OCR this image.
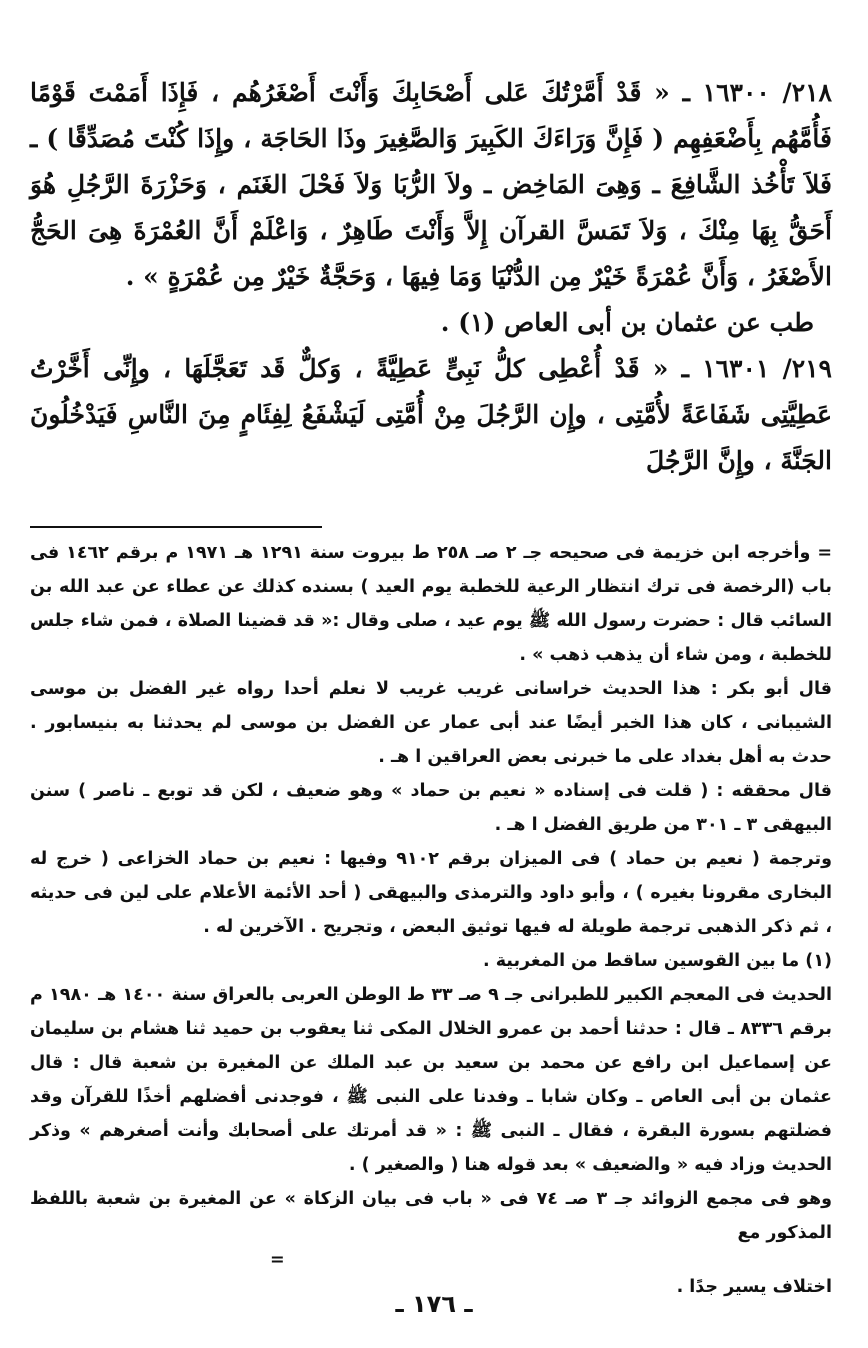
٢١٨/ ١٦٣٠٠ ـ « قَدْ أَمَّرْتُكَ عَلى أَصْحَابِكَ وَأَنْتَ أَصْغَرُهُم ، فَإِذَا أَمَمْتَ قَوْمًا فَأُمَّهُم بِأَضْعَفِهِم ( فَإِنَّ وَرَاءَكَ الكَبِيرَ وَالصَّغِيرَ وذَا الحَاجَة ، وإِذَا كُنْتَ مُصَدِّقًا ) ـ فَلاَ تَأْخُذ الشَّافِعَ ـ وَهِىَ المَاخِض ـ ولاَ الرُّبَا وَلاَ فَحْلَ الغَنَم ، وَحَزْرَةَ الرَّجُلِ هُوَ أَحَقُّ بِهَا مِنْكَ ، وَلاَ تَمَسَّ القرآن إِلاَّ وَأَنْتَ طَاهِرٌ ، وَاعْلَمْ أَنَّ العُمْرَةَ هِىَ الحَجُّ الأَصْغَرُ ، وَأَنَّ عُمْرَةً خَيْرٌ مِن الدُّنْيَا وَمَا فِيهَا ، وَحَجَّةٌ خَيْرٌ مِن عُمْرَةٍ » .

طب عن عثمان بن أبى العاص (١) .

٢١٩/ ١٦٣٠١ ـ « قَدْ أُعْطِى كلُّ نَبِىٍّ عَطِيَّةً ، وَكلٌّ قَد تَعَجَّلَهَا ، وإِنِّى أَخَّرْتُ عَطِيَّتِى شَفَاعَةً لأُمَّتِى ، وإِن الرَّجُلَ مِنْ أُمَّتِى لَيَشْفَعُ لِفِئَامٍ مِنَ النَّاسِ فَيَدْخُلُونَ الجَنَّةَ ، وإِنَّ الرَّجُلَ

= وأخرجه ابن خزيمة فى صحيحه جـ ٢ صـ ٢٥٨ ط بيروت سنة ١٢٩١ هـ ١٩٧١ م برقم ١٤٦٢ فى باب (الرخصة فى ترك انتظار الرعية للخطبة يوم العيد ) بسنده كذلك عن عطاء عن عبد الله بن السائب قال : حضرت رسول الله ﷺ يوم عيد ، صلى وقال :« قد قضينا الصلاة ، فمن شاء جلس للخطبة ، ومن شاء أن يذهب ذهب » .

قال أبو بكر : هذا الحديث خراسانى غريب غريب لا نعلم أحدا رواه غير الفضل بن موسى الشيبانى ، كان هذا الخبر أيضًا عند أبى عمار عن الفضل بن موسى لم يحدثنا به بنيسابور . حدث به أهل بغداد على ما خبرنى بعض العراقين ا هـ .

قال محققه : ( قلت فى إسناده « نعيم بن حماد » وهو ضعيف ، لكن قد توبع ـ ناصر ) سنن البيهقى ٣ ـ ٣٠١ من طريق الفضل ا هـ .

وترجمة ( نعيم بن حماد ) فى الميزان برقم ٩١٠٢ وفيها : نعيم بن حماد الخزاعى ( خرج له البخارى مقرونا بغيره ) ، وأبو داود والترمذى والبيهقى ( أحد الأئمة الأعلام على لين فى حديثه ، ثم ذكر الذهبى ترجمة طويلة له فيها توثيق البعض ، وتجريح . الآخرين له .

(١) ما بين القوسين ساقط من المغربية .

الحديث فى المعجم الكبير للطبرانى جـ ٩ صـ ٣٣ ط الوطن العربى بالعراق سنة ١٤٠٠ هـ ١٩٨٠ م برقم ٨٣٣٦ ـ قال : حدثنا أحمد بن عمرو الخلال المكى ثنا يعقوب بن حميد ثنا هشام بن سليمان عن إسماعيل ابن رافع عن محمد بن سعيد بن عبد الملك عن المغيرة بن شعبة قال : قال عثمان بن أبى العاص ـ وكان شابا ـ وفدنا على النبى ﷺ ، فوجدنى أفضلهم أخذًا للقرآن وقد فضلتهم بسورة البقرة ، فقال ـ النبى ﷺ : « قد أمرتك على أصحابك وأنت أصغرهم » وذكر الحديث وزاد فيه « والضعيف » بعد قوله هنا ( والصغير ) .

وهو فى مجمع الزوائد جـ ٣ صـ ٧٤ فى « باب فى بيان الزكاة » عن المغيرة بن شعبة باللفظ المذكور مع

=

اختلاف يسير جدًا .

ـ ١٧٦ ـ
